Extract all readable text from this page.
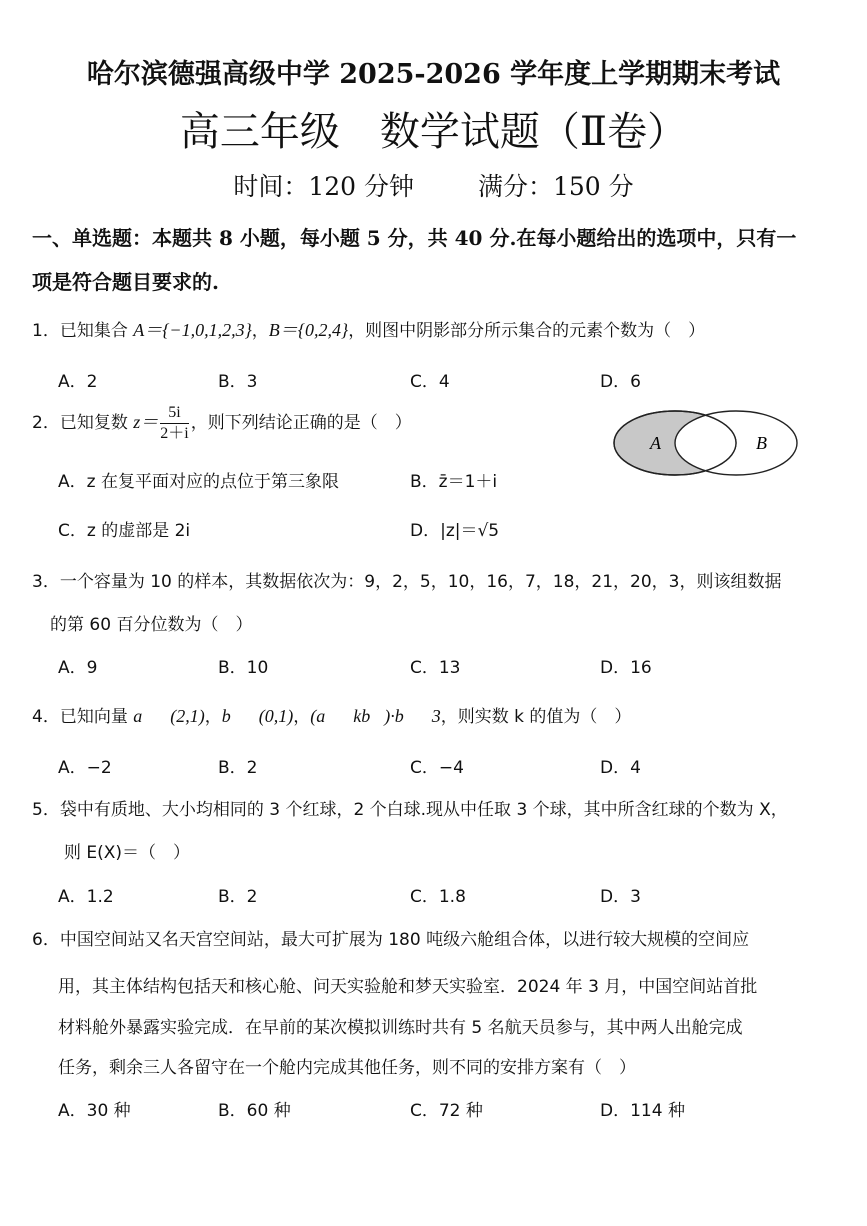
哈尔滨德强高级中学 2025-2026 学年度上学期期末考试
高三年级　数学试题（Ⅱ卷）
时间：120 分钟	满分：150 分
一、单选题：本题共 8 小题，每小题 5 分，共 40 分.在每小题给出的选项中，只有一
项是符合题目要求的.
1．已知集合 A＝{−1,0,1,2,3}，B＝{0,2,4}，则图中阴影部分所示集合的元素个数为（　）
A．2	B．3	C．4	D．6
2．已知复数 $z= \frac{5i}{2+i}$ ，则下列结论正确的是（　）
A．z 在复平面对应的点位于第三象限	B．z̄＝1＋i
C．z 的虚部是 2i	D．|z|＝√5
A	B
3．一个容量为 10 的样本，其数据依次为：9，2，5，10，16，7，18，21，20，3，则该组数据
的第 60 百分位数为（　）
A．9	B．10	C．13	D．16
4．已知向量 a⃗＝(2,1)，b⃗＝(0,1)，(a⃗＋kb⃗)·b⃗＝3，则实数 k 的值为（　）
A．−2	B．2	C．−4	D．4
5．袋中有质地、大小均相同的 3 个红球，2 个白球.现从中任取 3 个球，其中所含红球的个数为 X，
则 E(X)＝（　）
A．1.2	B．2	C．1.8	D．3
6．中国空间站又名天宫空间站，最大可扩展为 180 吨级六舱组合体，以进行较大规模的空间应
用，其主体结构包括天和核心舱、问天实验舱和梦天实验室．2024 年 3 月，中国空间站首批
材料舱外暴露实验完成．在早前的某次模拟训练时共有 5 名航天员参与，其中两人出舱完成
任务，剩余三人各留守在一个舱内完成其他任务，则不同的安排方案有（　）
A．30 种	B．60 种	C．72 种	D．114 种
